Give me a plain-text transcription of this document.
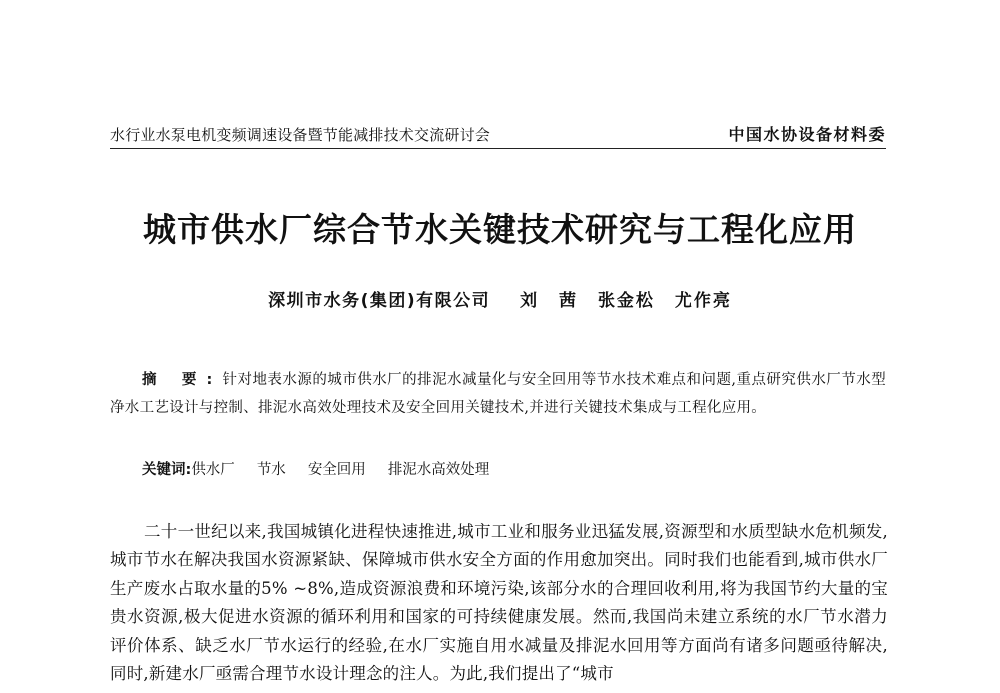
水行业水泵电机变频调速设备暨节能减排技术交流研讨会	中国水协设备材料委
城市供水厂综合节水关键技术研究与工程化应用
深圳市水务(集团)有限公司 刘 茜 张金松 尤作亮
摘 要:针对地表水源的城市供水厂的排泥水减量化与安全回用等节水技术难点和问题,重点研究供水厂节水型净水工艺设计与控制、排泥水高效处理技术及安全回用关键技术,并进行关键技术集成与工程化应用。
关键词:供水厂 节水 安全回用 排泥水高效处理
二十一世纪以来,我国城镇化进程快速推进,城市工业和服务业迅猛发展,资源型和水质型缺水危机频发,城市节水在解决我国水资源紧缺、保障城市供水安全方面的作用愈加突出。同时我们也能看到,城市供水厂生产废水占取水量的5% ~8%,造成资源浪费和环境污染,该部分水的合理回收利用,将为我国节约大量的宝贵水资源,极大促进水资源的循环利用和国家的可持续健康发展。然而,我国尚未建立系统的水厂节水潜力评价体系、缺乏水厂节水运行的经验,在水厂实施自用水减量及排泥水回用等方面尚有诸多问题亟待解决,同时,新建水厂亟需合理节水设计理念的注人。为此,我们提出了“城市
